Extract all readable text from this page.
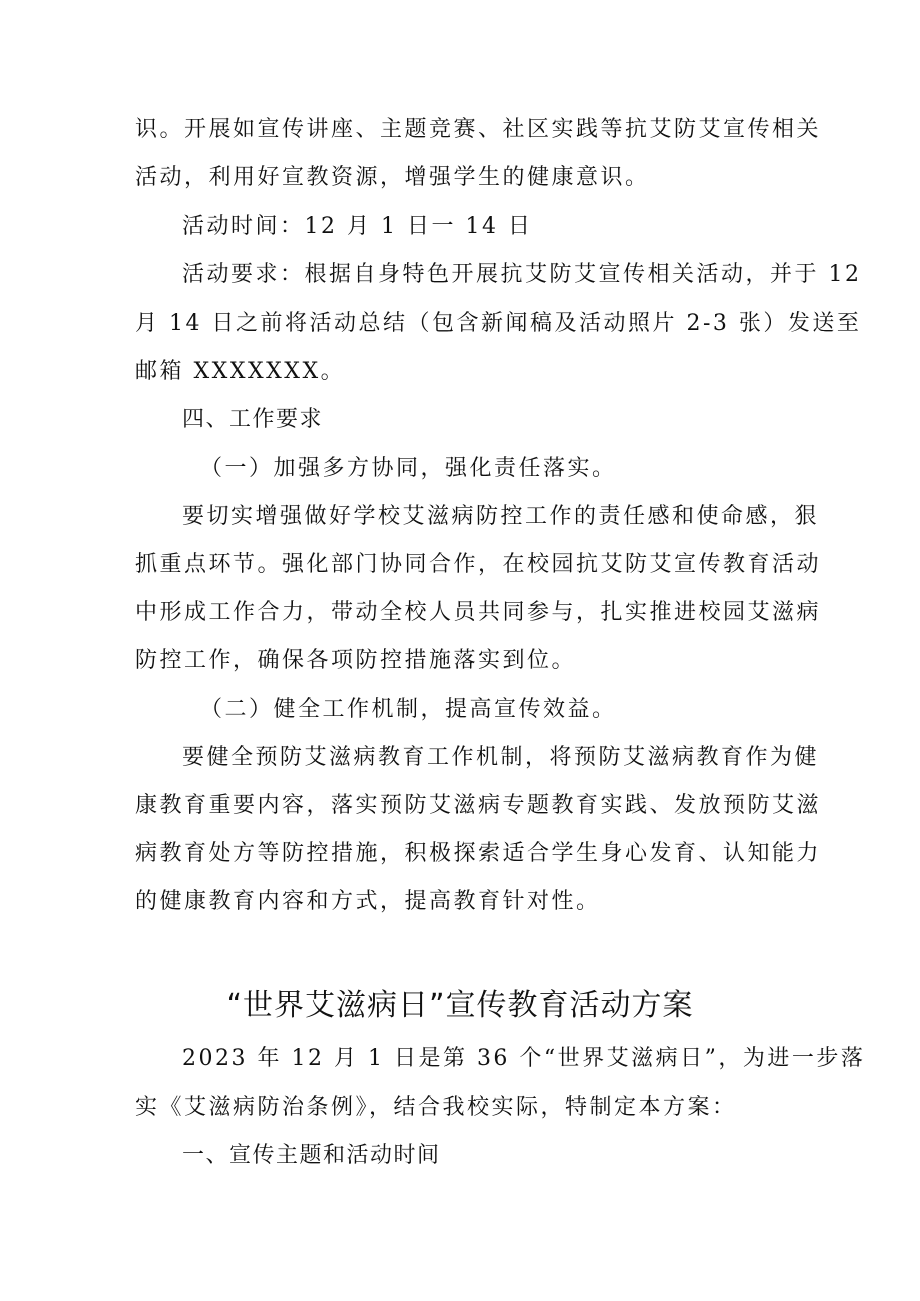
识。开展如宣传讲座、主题竞赛、社区实践等抗艾防艾宣传相关
活动，利用好宣教资源，增强学生的健康意识。
活动时间：12 月 1 日一 14 日
活动要求：根据自身特色开展抗艾防艾宣传相关活动，并于 12
月 14 日之前将活动总结（包含新闻稿及活动照片 2-3 张）发送至
邮箱 XXXXXXX。
四、工作要求
（一）加强多方协同，强化责任落实。
要切实增强做好学校艾滋病防控工作的责任感和使命感，狠
抓重点环节。强化部门协同合作，在校园抗艾防艾宣传教育活动
中形成工作合力，带动全校人员共同参与，扎实推进校园艾滋病
防控工作，确保各项防控措施落实到位。
（二）健全工作机制，提高宣传效益。
要健全预防艾滋病教育工作机制，将预防艾滋病教育作为健
康教育重要内容，落实预防艾滋病专题教育实践、发放预防艾滋
病教育处方等防控措施，积极探索适合学生身心发育、认知能力
的健康教育内容和方式，提高教育针对性。
“世界艾滋病日”宣传教育活动方案
2023 年 12 月 1 日是第 36 个“世界艾滋病日”，为进一步落
实《艾滋病防治条例》，结合我校实际，特制定本方案：
一、宣传主题和活动时间
